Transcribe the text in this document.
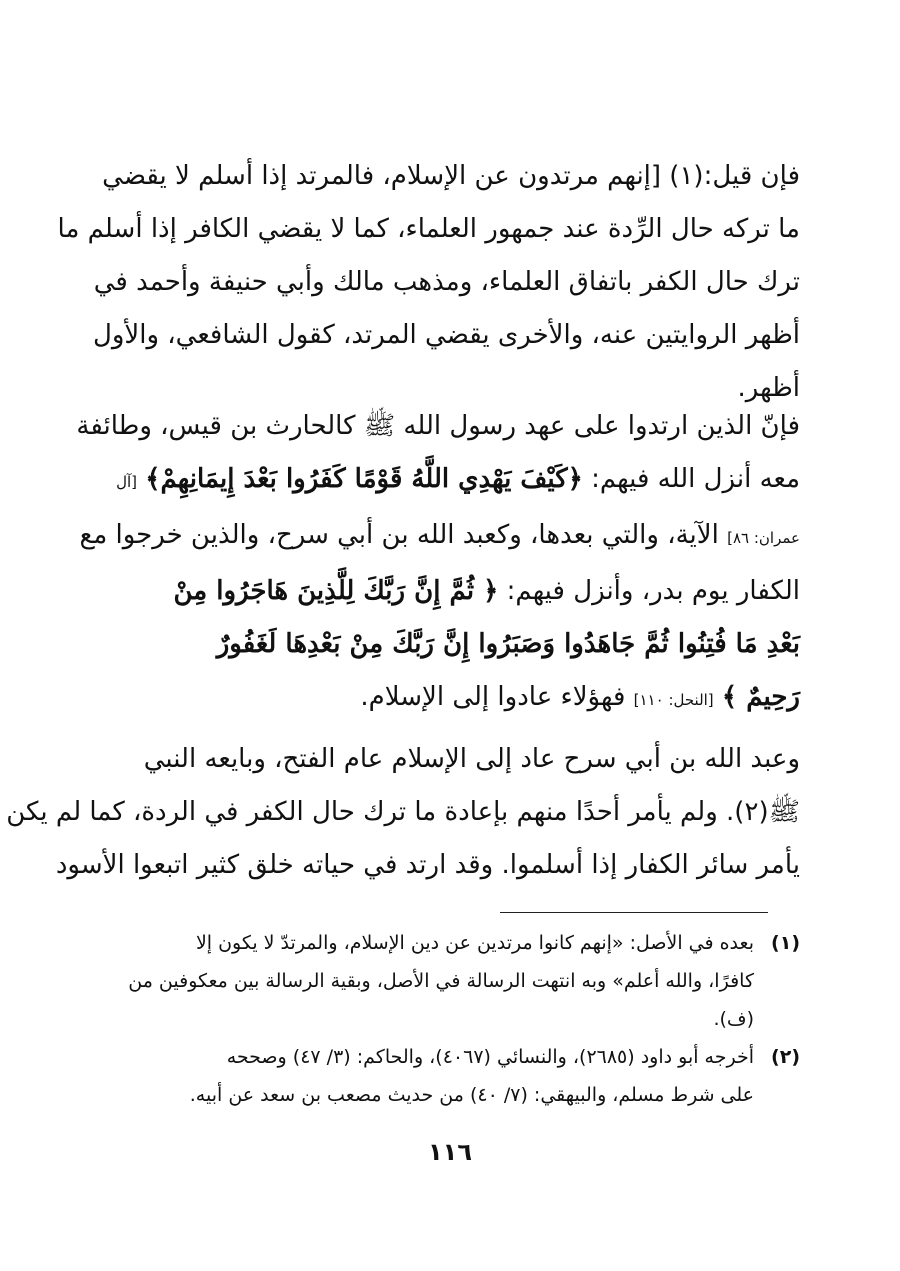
فإن قيل:(١) [إنهم مرتدون عن الإسلام، فالمرتد إذا أسلم لا يقضي
ما تركه حال الرِّدة عند جمهور العلماء، كما لا يقضي الكافر إذا أسلم ما
ترك حال الكفر باتفاق العلماء، ومذهب مالك وأبي حنيفة وأحمد في
أظهر الروايتين عنه، والأخرى يقضي المرتد، كقول الشافعي، والأول
أظهر.
فإنّ الذين ارتدوا على عهد رسول الله ﷺ كالحارث بن قيس، وطائفة
معه أنزل الله فيهم: ﴿كَيْفَ يَهْدِي اللَّهُ قَوْمًا كَفَرُوا بَعْدَ إِيمَانِهِمْ﴾ [آل
عمران: ٨٦] الآية، والتي بعدها، وكعبد الله بن أبي سرح، والذين خرجوا مع
الكفار يوم بدر، وأنزل فيهم: ﴿ ثُمَّ إِنَّ رَبَّكَ لِلَّذِينَ هَاجَرُوا مِنْ
بَعْدِ مَا فُتِنُوا ثُمَّ جَاهَدُوا وَصَبَرُوا إِنَّ رَبَّكَ مِنْ بَعْدِهَا لَغَفُورٌ
رَحِيمٌ ﴾ [النحل: ١١٠] فهؤلاء عادوا إلى الإسلام.
وعبد الله بن أبي سرح عاد إلى الإسلام عام الفتح، وبايعه النبي
ﷺ(٢). ولم يأمر أحدًا منهم بإعادة ما ترك حال الكفر في الردة، كما لم يكن
يأمر سائر الكفار إذا أسلموا. وقد ارتد في حياته خلق كثير اتبعوا الأسود
(١)
بعده في الأصل: «إنهم كانوا مرتدين عن دين الإسلام، والمرتدّ لا يكون إلا
كافرًا، والله أعلم» وبه انتهت الرسالة في الأصل، وبقية الرسالة بين معكوفين من
(ف).
(٢)
أخرجه أبو داود (٢٦٨٥)، والنسائي (٤٠٦٧)، والحاكم: (٣/ ٤٧) وصححه
على شرط مسلم، والبيهقي: (٧/ ٤٠) من حديث مصعب بن سعد عن أبيه.
١١٦
